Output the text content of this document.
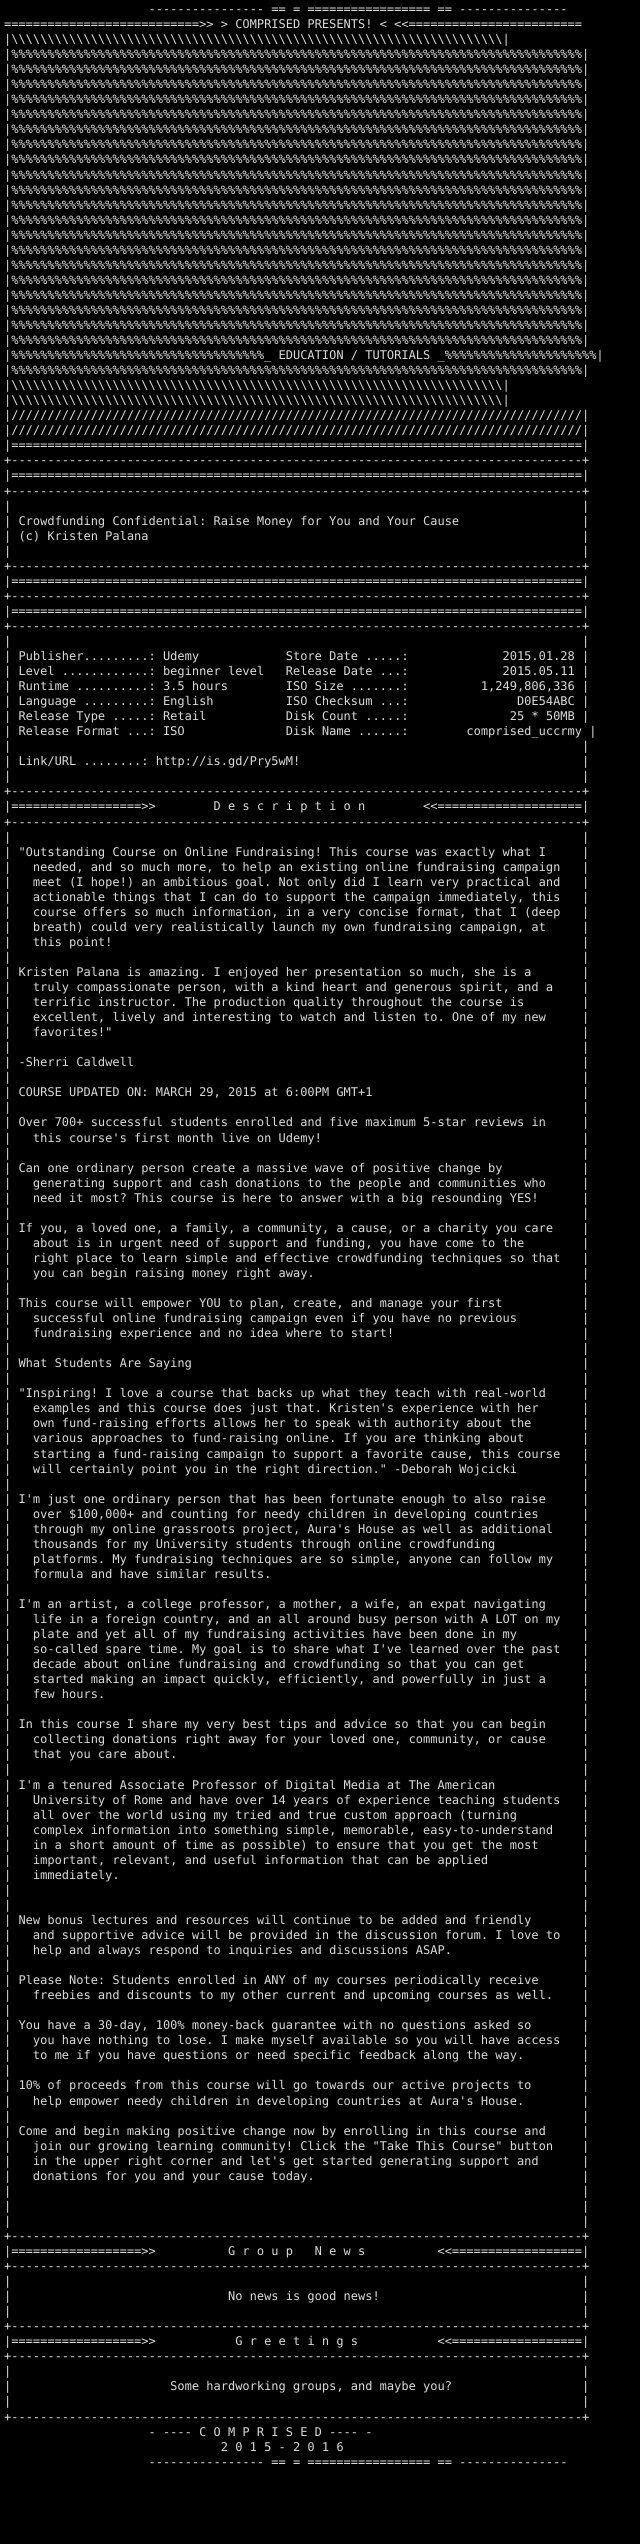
---------------- == = ================= == ---------------
===========================>> > COMPRISED PRESENTS! < <<========================
|\\\\\\\\\\\\\\\\\\\\\\\\\\\\\\\\\\\\\\\\\\\\\\\\\\\\\\\\\\\\\\\\\\\\|
|%%%%%%%%%%%%%%%%%%%%%%%%%%%%%%%%%%%%%%%%%%%%%%%%%%%%%%%%%%%%%%%%%%%%%%%%%%%%%%%|
|%%%%%%%%%%%%%%%%%%%%%%%%%%%%%%%%%%%%%%%%%%%%%%%%%%%%%%%%%%%%%%%%%%%%%%%%%%%%%%%|
|%%%%%%%%%%%%%%%%%%%%%%%%%%%%%%%%%%%%%%%%%%%%%%%%%%%%%%%%%%%%%%%%%%%%%%%%%%%%%%%|
|%%%%%%%%%%%%%%%%%%%%%%%%%%%%%%%%%%%%%%%%%%%%%%%%%%%%%%%%%%%%%%%%%%%%%%%%%%%%%%%|
|%%%%%%%%%%%%%%%%%%%%%%%%%%%%%%%%%%%%%%%%%%%%%%%%%%%%%%%%%%%%%%%%%%%%%%%%%%%%%%%|
|%%%%%%%%%%%%%%%%%%%%%%%%%%%%%%%%%%%%%%%%%%%%%%%%%%%%%%%%%%%%%%%%%%%%%%%%%%%%%%%|
|%%%%%%%%%%%%%%%%%%%%%%%%%%%%%%%%%%%%%%%%%%%%%%%%%%%%%%%%%%%%%%%%%%%%%%%%%%%%%%%|
|%%%%%%%%%%%%%%%%%%%%%%%%%%%%%%%%%%%%%%%%%%%%%%%%%%%%%%%%%%%%%%%%%%%%%%%%%%%%%%%|
|%%%%%%%%%%%%%%%%%%%%%%%%%%%%%%%%%%%%%%%%%%%%%%%%%%%%%%%%%%%%%%%%%%%%%%%%%%%%%%%|
|%%%%%%%%%%%%%%%%%%%%%%%%%%%%%%%%%%%%%%%%%%%%%%%%%%%%%%%%%%%%%%%%%%%%%%%%%%%%%%%|
|%%%%%%%%%%%%%%%%%%%%%%%%%%%%%%%%%%%%%%%%%%%%%%%%%%%%%%%%%%%%%%%%%%%%%%%%%%%%%%%|
|%%%%%%%%%%%%%%%%%%%%%%%%%%%%%%%%%%%%%%%%%%%%%%%%%%%%%%%%%%%%%%%%%%%%%%%%%%%%%%%|
|%%%%%%%%%%%%%%%%%%%%%%%%%%%%%%%%%%%%%%%%%%%%%%%%%%%%%%%%%%%%%%%%%%%%%%%%%%%%%%%|
|%%%%%%%%%%%%%%%%%%%%%%%%%%%%%%%%%%%%%%%%%%%%%%%%%%%%%%%%%%%%%%%%%%%%%%%%%%%%%%%|
|%%%%%%%%%%%%%%%%%%%%%%%%%%%%%%%%%%%%%%%%%%%%%%%%%%%%%%%%%%%%%%%%%%%%%%%%%%%%%%%|
|%%%%%%%%%%%%%%%%%%%%%%%%%%%%%%%%%%%%%%%%%%%%%%%%%%%%%%%%%%%%%%%%%%%%%%%%%%%%%%%|
|%%%%%%%%%%%%%%%%%%%%%%%%%%%%%%%%%%%%%%%%%%%%%%%%%%%%%%%%%%%%%%%%%%%%%%%%%%%%%%%|
|%%%%%%%%%%%%%%%%%%%%%%%%%%%%%%%%%%%%%%%%%%%%%%%%%%%%%%%%%%%%%%%%%%%%%%%%%%%%%%%|
|%%%%%%%%%%%%%%%%%%%%%%%%%%%%%%%%%%%%%%%%%%%%%%%%%%%%%%%%%%%%%%%%%%%%%%%%%%%%%%%|
|%%%%%%%%%%%%%%%%%%%%%%%%%%%%%%%%%%%%%%%%%%%%%%%%%%%%%%%%%%%%%%%%%%%%%%%%%%%%%%%|
|%%%%%%%%%%%%%%%%%%%%%%%%%%%%%%%%%%%_ EDUCATION / TUTORIALS _%%%%%%%%%%%%%%%%%%%%%|
|%%%%%%%%%%%%%%%%%%%%%%%%%%%%%%%%%%%%%%%%%%%%%%%%%%%%%%%%%%%%%%%%%%%%%%%%%%%%%%%|
|\\\\\\\\\\\\\\\\\\\\\\\\\\\\\\\\\\\\\\\\\\\\\\\\\\\\\\\\\\\\\\\\\\\\|
|\\\\\\\\\\\\\\\\\\\\\\\\\\\\\\\\\\\\\\\\\\\\\\\\\\\\\\\\\\\\\\\\\\\\|
|///////////////////////////////////////////////////////////////////////////////|
|///////////////////////////////////////////////////////////////////////////////|
|===============================================================================|
+-------------------------------------------------------------------------------+
|===============================================================================|
+-------------------------------------------------------------------------------+
|                                                                               |
| Crowdfunding Confidential: Raise Money for You and Your Cause                 |
| (c) Kristen Palana                                                            |
|                                                                               |
+-------------------------------------------------------------------------------+
|===============================================================================|
+-------------------------------------------------------------------------------+
|===============================================================================|
+-------------------------------------------------------------------------------+
|                                                                               |
| Publisher.........: Udemy            Store Date .....:             2015.01.28 |
| Level ............: beginner level   Release Date ...:             2015.05.11 |
| Runtime ..........: 3.5 hours        ISO Size .......:          1,249,806,336 |
| Language .........: English          ISO Checksum ...:               D0E54ABC |
| Release Type .....: Retail           Disk Count .....:              25 * 50MB |
| Release Format ...: ISO              Disk Name ......:        comprised_uccrmy |
|                                                                               |
| Link/URL ........: http://is.gd/Pry5wM!                                       |
|                                                                               |
+-------------------------------------------------------------------------------+
|==================>>        D e s c r i p t i o n        <<====================|
+-------------------------------------------------------------------------------+
|                                                                               |
| "Outstanding Course on Online Fundraising! This course was exactly what I     |
|   needed, and so much more, to help an existing online fundraising campaign   |
|   meet (I hope!) an ambitious goal. Not only did I learn very practical and   |
|   actionable things that I can do to support the campaign immediately, this   |
|   course offers so much information, in a very concise format, that I (deep   |
|   breath) could very realistically launch my own fundraising campaign, at     |
|   this point!                                                                 |
|                                                                               |
| Kristen Palana is amazing. I enjoyed her presentation so much, she is a       |
|   truly compassionate person, with a kind heart and generous spirit, and a    |
|   terrific instructor. The production quality throughout the course is        |
|   excellent, lively and interesting to watch and listen to. One of my new     |
|   favorites!"                                                                 |
|                                                                               |
| -Sherri Caldwell                                                              |
|                                                                               |
| COURSE UPDATED ON: MARCH 29, 2015 at 6:00PM GMT+1                             |
|                                                                               |
| Over 700+ successful students enrolled and five maximum 5-star reviews in     |
|   this course's first month live on Udemy!                                    |
|                                                                               |
| Can one ordinary person create a massive wave of positive change by           |
|   generating support and cash donations to the people and communities who     |
|   need it most? This course is here to answer with a big resounding YES!      |
|                                                                               |
| If you, a loved one, a family, a community, a cause, or a charity you care    |
|   about is in urgent need of support and funding, you have come to the        |
|   right place to learn simple and effective crowdfunding techniques so that   |
|   you can begin raising money right away.                                     |
|                                                                               |
| This course will empower YOU to plan, create, and manage your first           |
|   successful online fundraising campaign even if you have no previous         |
|   fundraising experience and no idea where to start!                          |
|                                                                               |
| What Students Are Saying                                                      |
|                                                                               |
| "Inspiring! I love a course that backs up what they teach with real-world     |
|   examples and this course does just that. Kristen's experience with her      |
|   own fund-raising efforts allows her to speak with authority about the       |
|   various approaches to fund-raising online. If you are thinking about        |
|   starting a fund-raising campaign to support a favorite cause, this course   |
|   will certainly point you in the right direction." -Deborah Wojcicki         |
|                                                                               |
| I'm just one ordinary person that has been fortunate enough to also raise     |
|   over $100,000+ and counting for needy children in developing countries      |
|   through my online grassroots project, Aura's House as well as additional    |
|   thousands for my University students through online crowdfunding            |
|   platforms. My fundraising techniques are so simple, anyone can follow my    |
|   formula and have similar results.                                           |
|                                                                               |
| I'm an artist, a college professor, a mother, a wife, an expat navigating     |
|   life in a foreign country, and an all around busy person with A LOT on my   |
|   plate and yet all of my fundraising activities have been done in my         |
|   so-called spare time. My goal is to share what I've learned over the past   |
|   decade about online fundraising and crowdfunding so that you can get        |
|   started making an impact quickly, efficiently, and powerfully in just a     |
|   few hours.                                                                  |
|                                                                               |
| In this course I share my very best tips and advice so that you can begin     |
|   collecting donations right away for your loved one, community, or cause     |
|   that you care about.                                                        |
|                                                                               |
| I'm a tenured Associate Professor of Digital Media at The American            |
|   University of Rome and have over 14 years of experience teaching students   |
|   all over the world using my tried and true custom approach (turning         |
|   complex information into something simple, memorable, easy-to-understand    |
|   in a short amount of time as possible) to ensure that you get the most      |
|   important, relevant, and useful information that can be applied             |
|   immediately.                                                                |
|                                                                               |
|                                                                               |
| New bonus lectures and resources will continue to be added and friendly       |
|   and supportive advice will be provided in the discussion forum. I love to   |
|   help and always respond to inquiries and discussions ASAP.                  |
|                                                                               |
| Please Note: Students enrolled in ANY of my courses periodically receive      |
|   freebies and discounts to my other current and upcoming courses as well.    |
|                                                                               |
| You have a 30-day, 100% money-back guarantee with no questions asked so       |
|   you have nothing to lose. I make myself available so you will have access   |
|   to me if you have questions or need specific feedback along the way.        |
|                                                                               |
| 10% of proceeds from this course will go towards our active projects to       |
|   help empower needy children in developing countries at Aura's House.        |
|                                                                               |
| Come and begin making positive change now by enrolling in this course and     |
|   join our growing learning community! Click the "Take This Course" button    |
|   in the upper right corner and let's get started generating support and      |
|   donations for you and your cause today.                                     |
|                                                                               |
|                                                                               |
|                                                                               |
+-------------------------------------------------------------------------------+
|==================>>          G r o u p   N e w s          <<==================|
+-------------------------------------------------------------------------------+
|                                                                               |
|                              No news is good news!                            |
|                                                                               |
+-------------------------------------------------------------------------------+
|==================>>           G r e e t i n g s           <<==================|
+-------------------------------------------------------------------------------+
|                                                                               |
|                      Some hardworking groups, and maybe you?                  |
|                                                                               |
+-------------------------------------------------------------------------------+
- ---- C O M P R I S E D ---- -
2 0 1 5 - 2 0 1 6
---------------- == = ================= == ---------------
